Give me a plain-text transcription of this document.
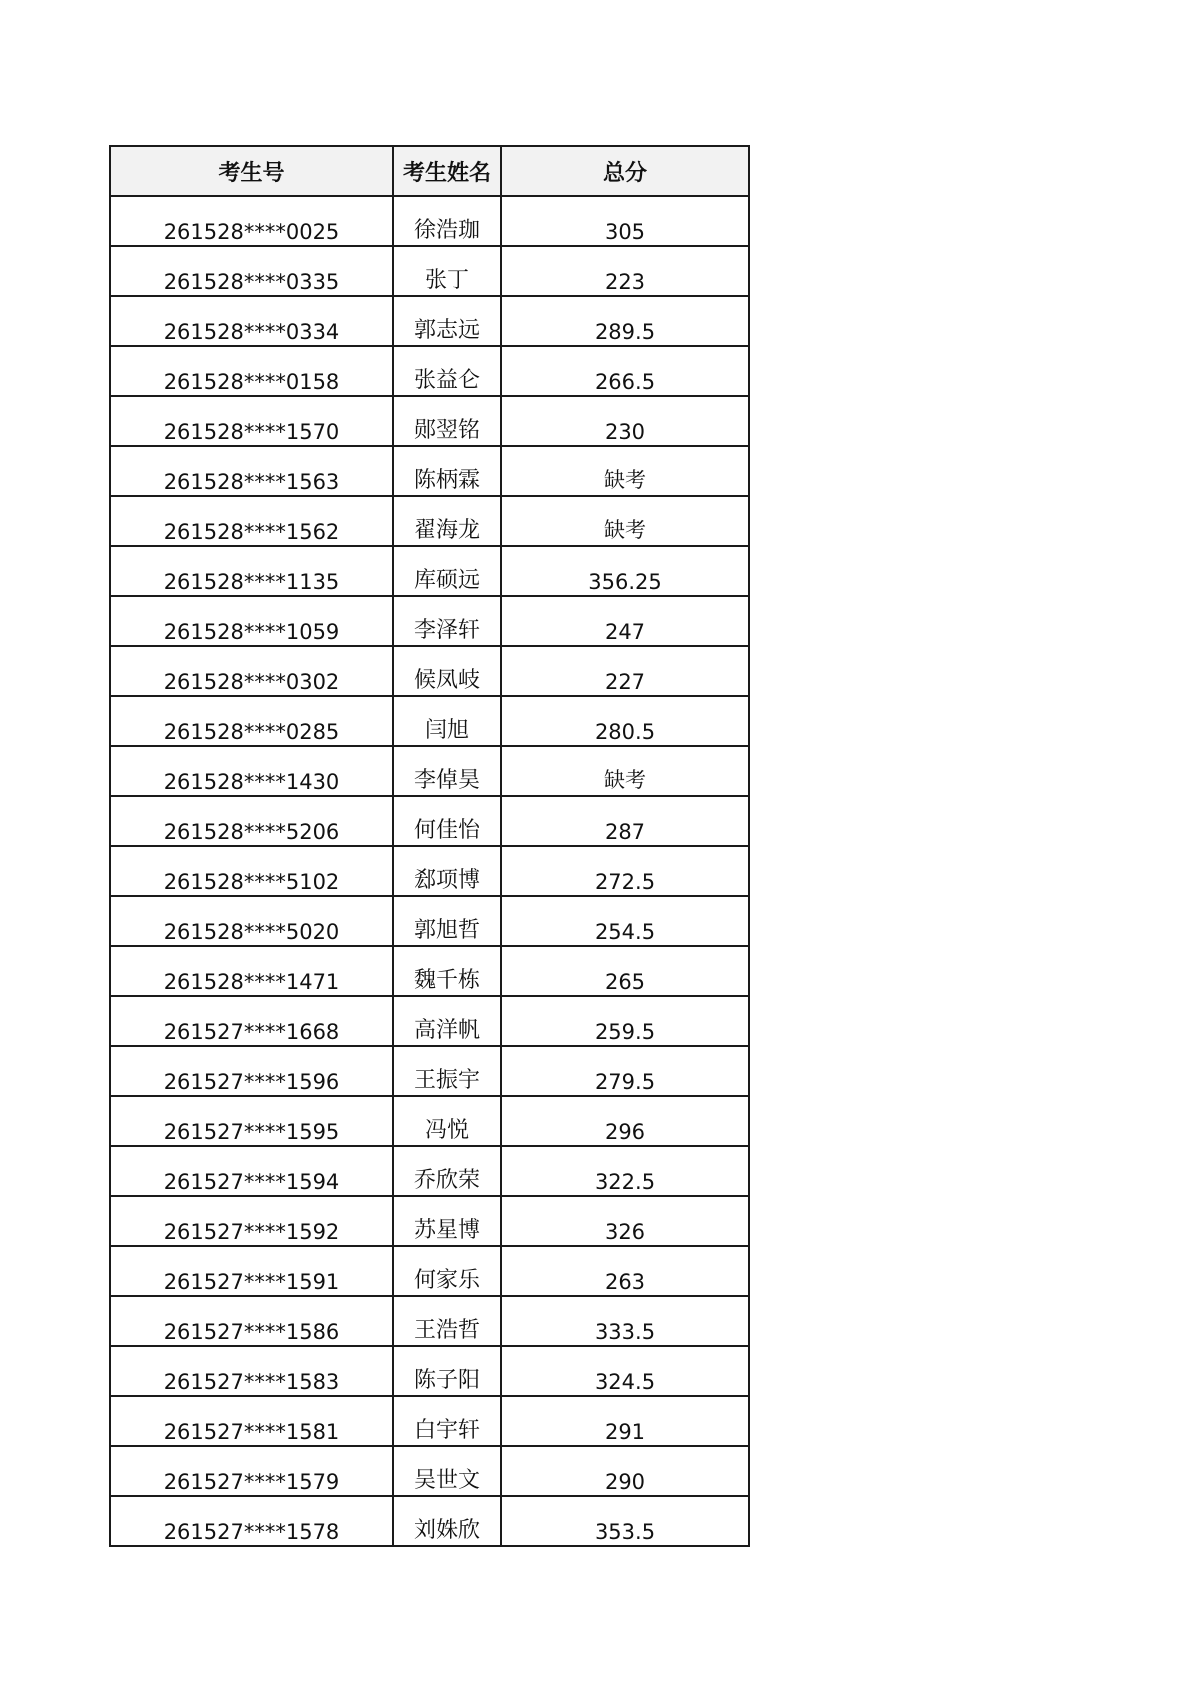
考生号	考生姓名	总分
261528****0025	徐浩珈	305
261528****0335	张丁	223
261528****0334	郭志远	289.5
261528****0158	张益仑	266.5
261528****1570	郧翌铭	230
261528****1563	陈柄霖	缺考
261528****1562	翟海龙	缺考
261528****1135	库硕远	356.25
261528****1059	李泽轩	247
261528****0302	候凤岐	227
261528****0285	闫旭	280.5
261528****1430	李倬昊	缺考
261528****5206	何佳怡	287
261528****5102	郄项博	272.5
261528****5020	郭旭哲	254.5
261528****1471	魏千栋	265
261527****1668	高洋帆	259.5
261527****1596	王振宇	279.5
261527****1595	冯悦	296
261527****1594	乔欣荣	322.5
261527****1592	苏星博	326
261527****1591	何家乐	263
261527****1586	王浩哲	333.5
261527****1583	陈子阳	324.5
261527****1581	白宇轩	291
261527****1579	吴世文	290
261527****1578	刘姝欣	353.5
